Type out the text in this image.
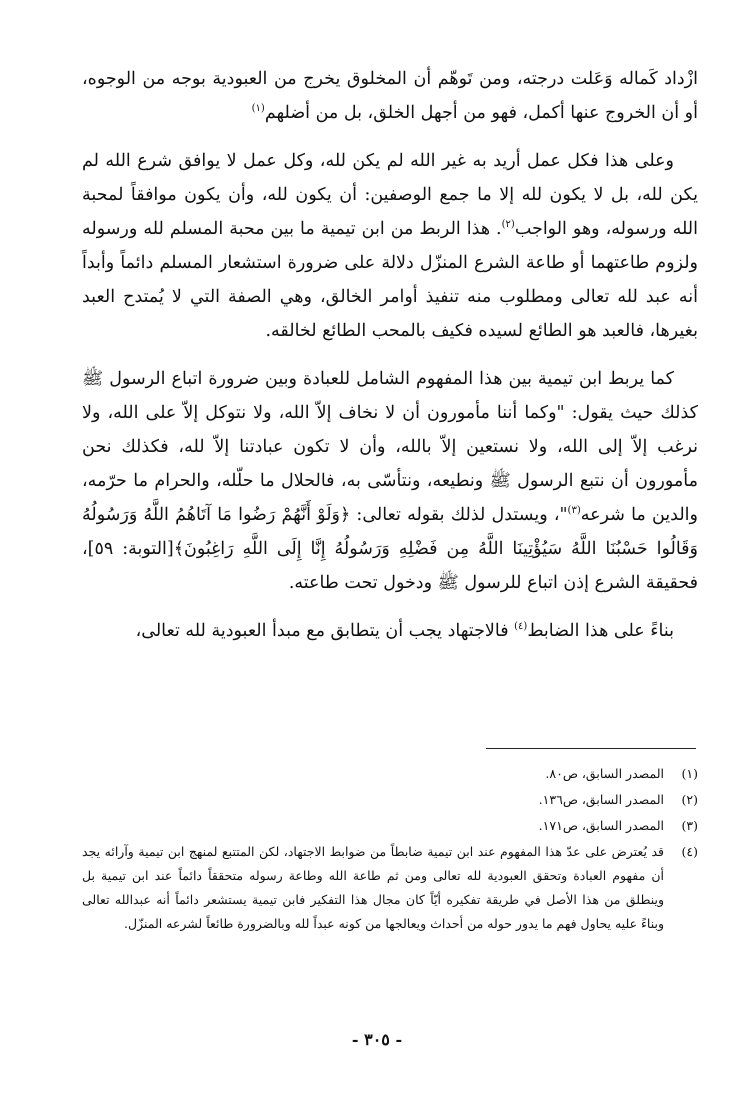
ازْداد كَماله وَعَلت درجته، ومن تَوهّم أن المخلوق يخرج من العبودية بوجه من الوجوه، أو أن الخروج عنها أكمل، فهو من أجهل الخلق، بل من أضلهم$^{(١)}$

وعلى هذا فكل عمل أريد به غير الله لم يكن لله، وكل عمل لا يوافق شرع الله لم يكن لله، بل لا يكون لله إلا ما جمع الوصفين: أن يكون لله، وأن يكون موافقاً لمحبة الله ورسوله، وهو الواجب$^{(٢)}$. هذا الربط من ابن تيمية ما بين محبة المسلم لله ورسوله ولزوم طاعتهما أو طاعة الشرع المنزّل دلالة على ضرورة استشعار المسلم دائماً وأبداً أنه عبد لله تعالى ومطلوب منه تنفيذ أوامر الخالق، وهي الصفة التي لا يُمتدح العبد بغيرها، فالعبد هو الطائع لسيده فكيف بالمحب الطائع لخالقه.

كما يربط ابن تيمية بين هذا المفهوم الشامل للعبادة وبين ضرورة اتباع الرسول ﷺ كذلك حيث يقول: "وكما أننا مأمورون أن لا نخاف إلاّ الله، ولا نتوكل إلاّ على الله، ولا نرغب إلاّ إلى الله، ولا نستعين إلاّ بالله، وأن لا تكون عبادتنا إلاّ لله، فكذلك نحن مأمورون أن نتبع الرسول ﷺ ونطيعه، ونتأسّى به، فالحلال ما حلّله، والحرام ما حرّمه، والدين ما شرعه$^{(٣)}$"، ويستدل لذلك بقوله تعالى: ﴿وَلَوْ أَنَّهُمْ رَضُوا مَا آتَاهُمُ اللَّهُ وَرَسُولُهُ وَقَالُوا حَسْبُنَا اللَّهُ سَيُؤْتِينَا اللَّهُ مِن فَضْلِهِ وَرَسُولُهُ إِنَّا إِلَى اللَّهِ رَاغِبُونَ﴾[التوبة: ٥٩]، فحقيقة الشرع إذن اتباع للرسول ﷺ ودخول تحت طاعته.

بناءً على هذا الضابط$^{(٤)}$ فالاجتهاد يجب أن يتطابق مع مبدأ العبودية لله تعالى،

(١)
المصدر السابق، ص٨٠.
(٢)
المصدر السابق، ص١٣٦.
(٣)
المصدر السابق، ص١٧١.
(٤)
قد يُعترض على عدّ هذا المفهوم عند ابن تيمية ضابطاً من ضوابط الاجتهاد، لكن المتتبع لمنهج ابن تيمية وآرائه يجد أن مفهوم العبادة وتحقق العبودية لله تعالى ومن ثم طاعة الله وطاعة رسوله متحققاً دائماً عند ابن تيمية بل وينطلق من هذا الأصل في طريقة تفكيره أيّاً كان مجال هذا التفكير فابن تيمية يستشعر دائماً أنه عبدالله تعالى وبناءً عليه يحاول فهم ما يدور حوله من أحداث ويعالجها من كونه عبداً لله وبالضرورة طائعاً لشرعه المنزّل.
- ٣٠٥ -
